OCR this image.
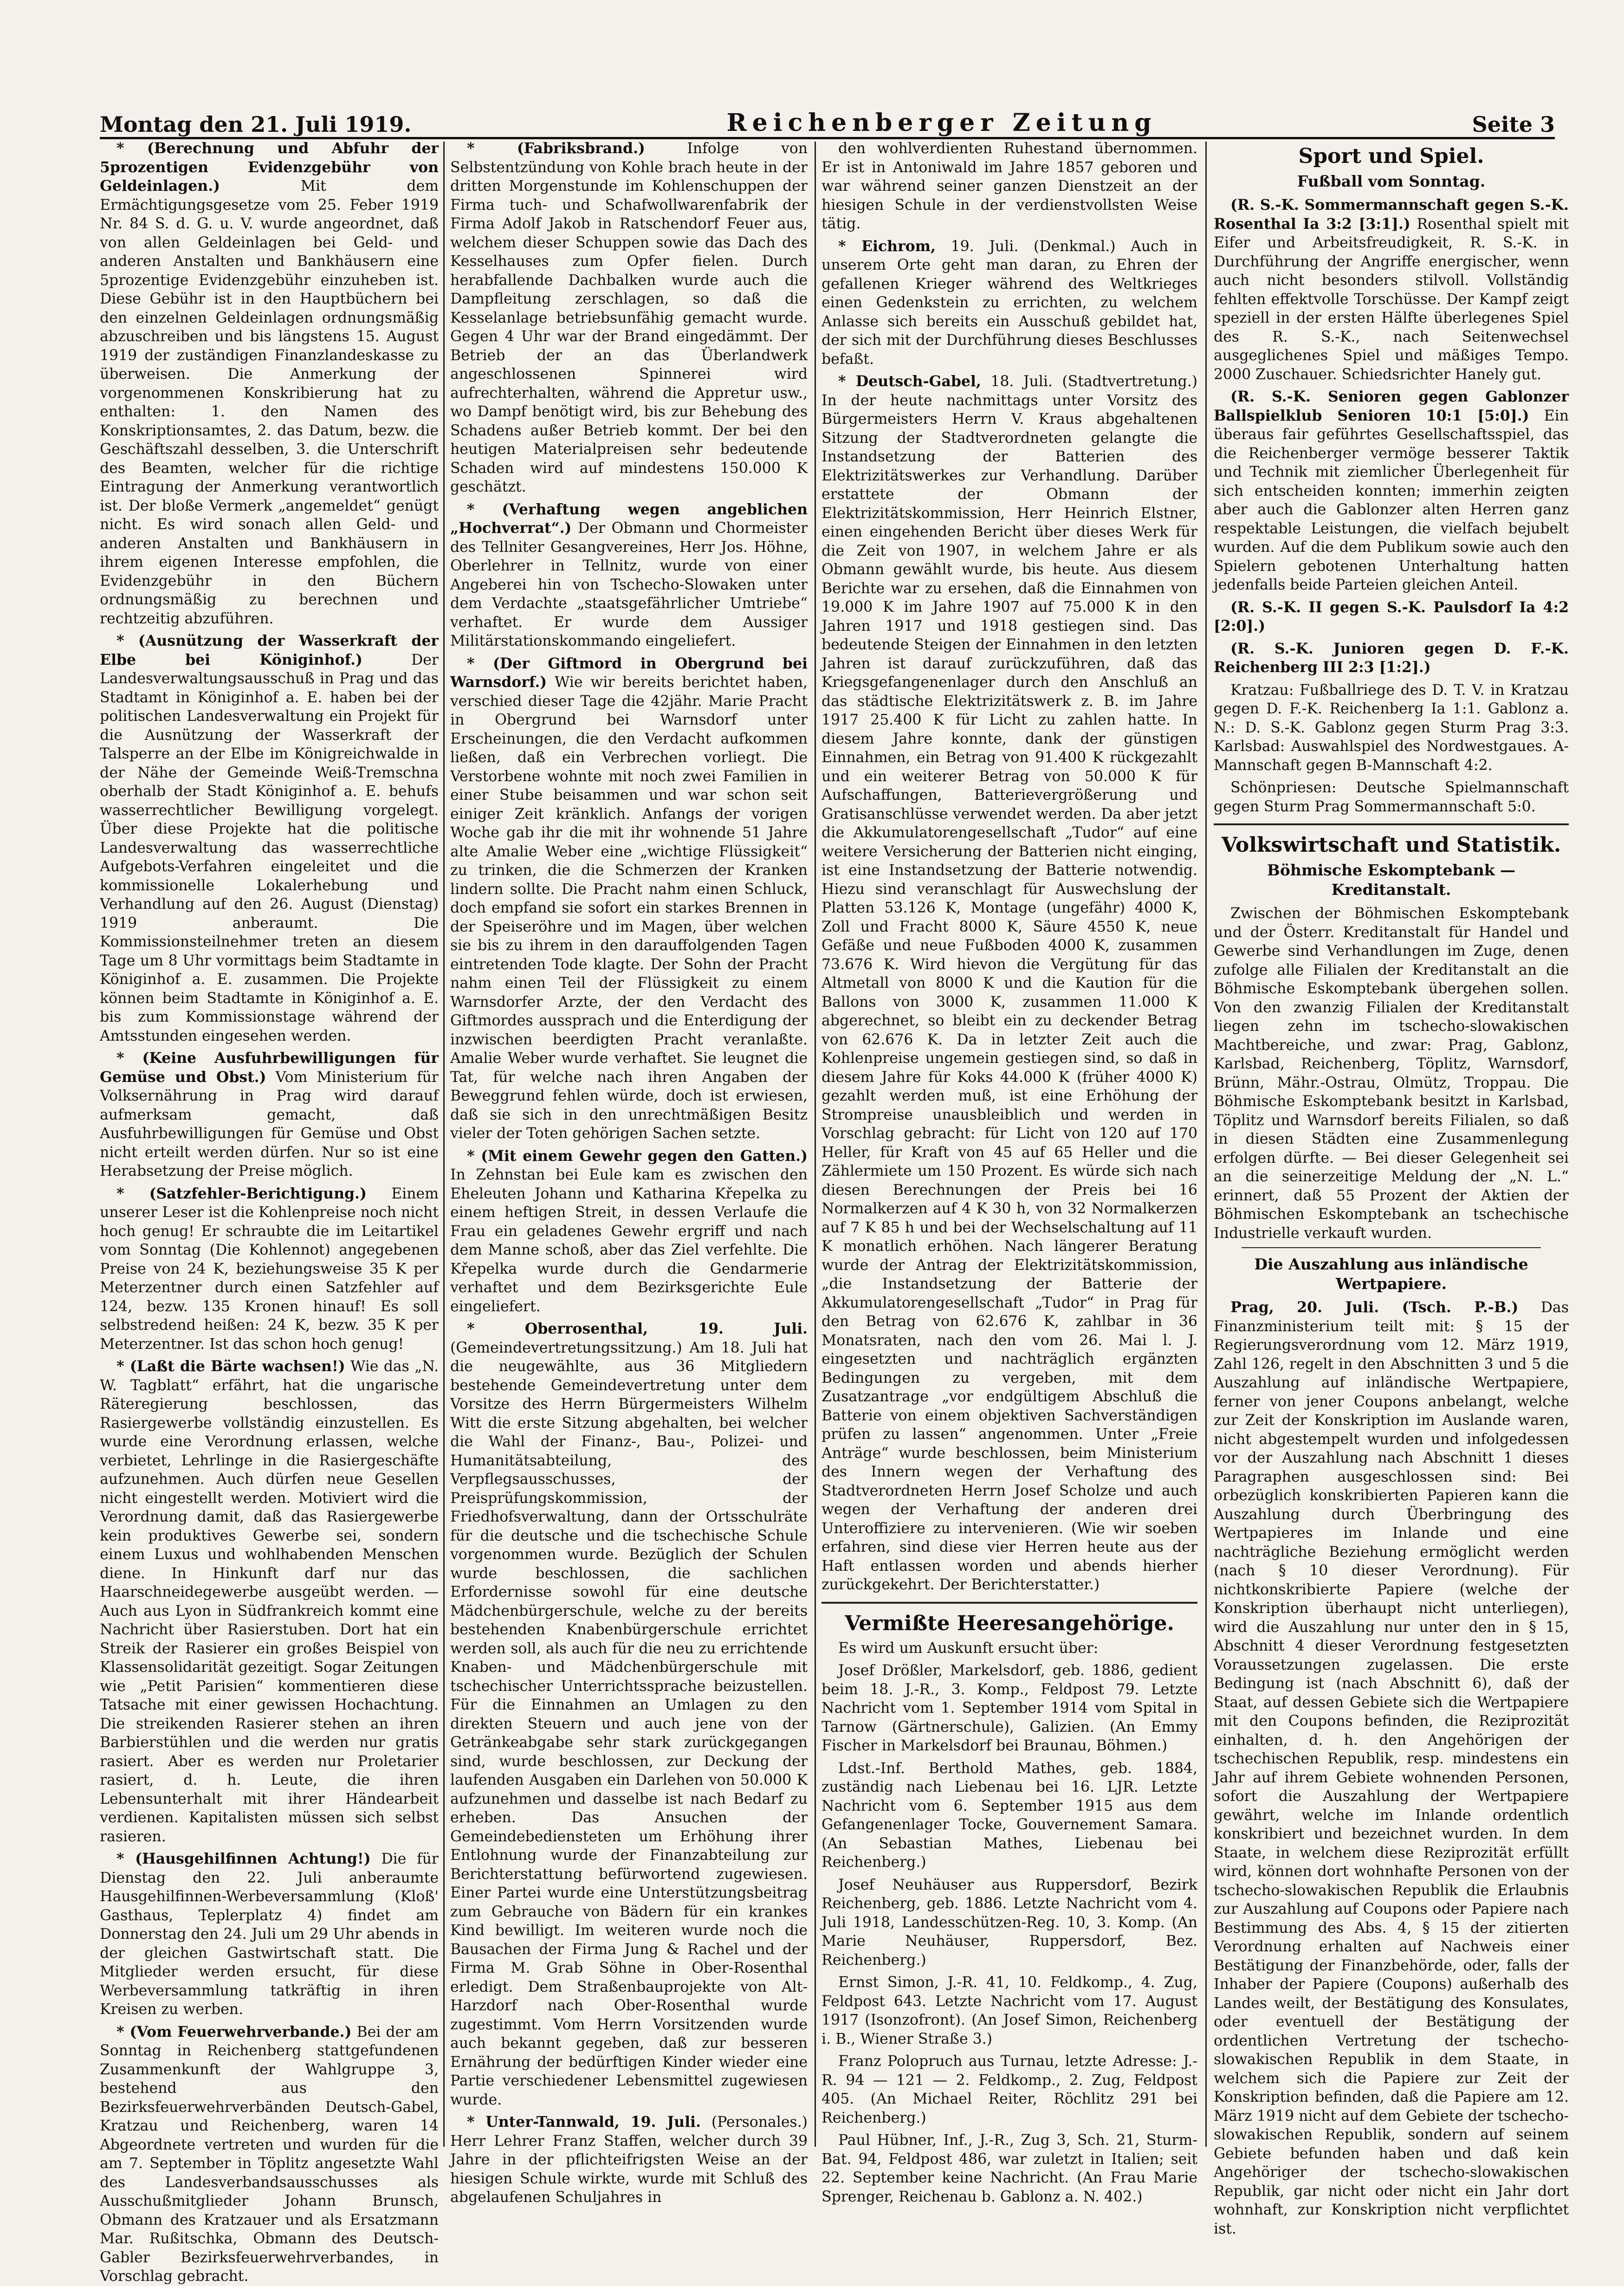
Montag den 21. Juli 1919.	Reichenberger Zeitung	Seite 3

* (Berechnung und Abfuhr der 5prozentigen Evidenzgebühr von Geldeinlagen.)	Mit dem Ermächtigungsgesetze vom 25. Feber 1919 Nr. 84 S. d. G. u. V. wurde angeordnet, daß von allen Geldeinlagen bei Geld- und anderen Anstalten und Bankhäusern eine 5prozentige Evidenzgebühr einzuheben ist. Diese Gebühr ist in den Hauptbüchern bei den einzelnen Geldeinlagen ordnungsmäßig abzuschreiben und bis längstens 15. August 1919 der zuständigen Finanzlandeskasse zu überweisen. Die Anmerkung der vorgenommenen Konskribierung hat zu enthalten: 1. den Namen des Konskriptionsamtes, 2. das Datum, bezw. die Geschäftszahl desselben, 3. die Unterschrift des Beamten, welcher für die richtige Eintragung der Anmerkung verantwortlich ist. Der bloße Vermerk „angemeldet“ genügt nicht. Es wird sonach allen Geld- und anderen Anstalten und Bankhäusern in ihrem eigenen Interesse empfohlen, die Evidenzgebühr in den Büchern ordnungsmäßig zu berechnen und rechtzeitig abzuführen.

* (Ausnützung der Wasserkraft der Elbe bei Königinhof.)	Der Landesverwaltungsausschuß in Prag und das Stadtamt in Königinhof a. E. haben bei der politischen Landesverwaltung ein Projekt für die Ausnützung der Wasserkraft der Talsperre an der Elbe im Königreichwalde in der Nähe der Gemeinde Weiß-Tremschna oberhalb der Stadt Königinhof a. E. behufs wasserrechtlicher Bewilligung vorgelegt. Über diese Projekte hat die politische Landesverwaltung das wasserrechtliche Aufgebots-Verfahren eingeleitet und die kommissionelle Lokalerhebung und Verhandlung auf den 26. August (Dienstag) 1919 anberaumt. Die Kommissionsteilnehmer treten an diesem Tage um 8 Uhr vormittags beim Stadtamte in Königinhof a. E. zusammen. Die Projekte können beim Stadtamte in Königinhof a. E. bis zum Kommissionstage während der Amtsstunden eingesehen werden.

* (Keine Ausfuhrbewilligungen für Gemüse und Obst.) Vom Ministerium für Volksernährung in Prag wird darauf aufmerksam gemacht, daß Ausfuhrbewilligungen für Gemüse und Obst nicht erteilt werden dürfen. Nur so ist eine Herabsetzung der Preise möglich.

* (Satzfehler-Berichtigung.) Einem unserer Leser ist die Kohlenpreise noch nicht hoch genug! Er schraubte die im Leitartikel vom Sonntag (Die Kohlennot) angegebenen Preise von 24 K, beziehungsweise 35 K per Meterzentner durch einen Satzfehler auf 124, bezw. 135 Kronen hinauf! Es soll selbstredend heißen: 24 K, bezw. 35 K per Meterzentner. Ist das schon hoch genug!

* (Laßt die Bärte wachsen!) Wie das „N. W. Tagblatt“ erfährt, hat die ungarische Räteregierung beschlossen, das Rasiergewerbe vollständig einzustellen. Es wurde eine Verordnung erlassen, welche verbietet, Lehrlinge in die Rasiergeschäfte aufzunehmen. Auch dürfen neue Gesellen nicht eingestellt werden. Motiviert wird die Verordnung damit, daß das Rasiergewerbe kein produktives Gewerbe sei, sondern einem Luxus und wohlhabenden Menschen diene. In Hinkunft darf nur das Haarschneidegewerbe ausgeübt werden. — Auch aus Lyon in Südfrankreich kommt eine Nachricht über Rasierstuben. Dort hat ein Streik der Rasierer ein großes Beispiel von Klassensolidarität gezeitigt. Sogar Zeitungen wie „Petit Parisien“ kommentieren diese Tatsache mit einer gewissen Hochachtung. Die streikenden Rasierer stehen an ihren Barbierstühlen und die werden nur gratis rasiert. Aber es werden nur Proletarier rasiert, d. h. Leute, die ihren Lebensunterhalt mit ihrer Händearbeit verdienen. Kapitalisten müssen sich selbst rasieren.

* (Hausgehilfinnen Achtung!) Die für Dienstag den 22. Juli anberaumte Hausgehilfinnen-Werbeversammlung (Kloß' Gasthaus, Teplerplatz 4) findet am Donnerstag den 24. Juli um 29 Uhr abends in der gleichen Gastwirtschaft statt. Die Mitglieder werden ersucht, für diese Werbeversammlung tatkräftig in ihren Kreisen zu werben.

* (Vom Feuerwehrverbande.) Bei der am Sonntag in Reichenberg stattgefundenen Zusammenkunft der Wahlgruppe 3, bestehend aus den Bezirksfeuerwehrverbänden Deutsch-Gabel, Kratzau und Reichenberg, waren 14 Abgeordnete vertreten und wurden für die am 7. September in Töplitz angesetzte Wahl des Landesverbandsausschusses als Ausschußmitglieder Johann Brunsch, Obmann des Kratzauer und als Ersatzmann Mar. Rußitschka, Obmann des Deutsch-Gabler Bezirksfeuerwehrverbandes, in Vorschlag gebracht.

* (Fabriksbrand.)	Infolge von Selbstentzündung von Kohle brach heute in der dritten Morgenstunde im Kohlenschuppen der Firma tuch- und Schafwollwarenfabrik der Firma Adolf Jakob in Ratschendorf Feuer aus, welchem dieser Schuppen sowie das Dach des Kesselhauses zum Opfer fielen. Durch herabfallende Dachbalken wurde auch die Dampfleitung zerschlagen, so daß die Kesselanlage betriebsunfähig gemacht wurde. Gegen 4 Uhr war der Brand eingedämmt. Der Betrieb der an das Überlandwerk angeschlossenen Spinnerei wird aufrechterhalten, während die Appretur usw., wo Dampf benötigt wird, bis zur Behebung des Schadens außer Betrieb kommt. Der bei den heutigen Materialpreisen sehr bedeutende Schaden wird auf mindestens 150.000 K geschätzt.

* (Verhaftung wegen angeblichen „Hochverrat“.) Der Obmann und Chormeister des Tellniter Gesangvereines, Herr Jos. Höhne, Oberlehrer in Tellnitz, wurde von einer Angeberei hin von Tschecho-Slowaken unter dem Verdachte „staatsgefährlicher Umtriebe“ verhaftet. Er wurde dem Aussiger Militärstationskommando eingeliefert.

* (Der Giftmord in Obergrund bei Warnsdorf.) Wie wir bereits berichtet haben, verschied dieser Tage die 42jähr. Marie Pracht in Obergrund bei Warnsdorf unter Erscheinungen, die den Verdacht aufkommen ließen, daß ein Verbrechen vorliegt. Die Verstorbene wohnte mit noch zwei Familien in einer Stube beisammen und war schon seit einiger Zeit kränklich. Anfangs der vorigen Woche gab ihr die mit ihr wohnende 51 Jahre alte Amalie Weber eine „wichtige Flüssigkeit“ zu trinken, die die Schmerzen der Kranken lindern sollte. Die Pracht nahm einen Schluck, doch empfand sie sofort ein starkes Brennen in der Speiseröhre und im Magen, über welchen sie bis zu ihrem in den darauffolgenden Tagen eintretenden Tode klagte. Der Sohn der Pracht nahm einen Teil der Flüssigkeit zu einem Warnsdorfer Arzte, der den Verdacht des Giftmordes aussprach und die Enterdigung der inzwischen beerdigten Pracht veranlaßte. Amalie Weber wurde verhaftet. Sie leugnet die Tat, für welche nach ihren Angaben der Beweggrund fehlen würde, doch ist erwiesen, daß sie sich in den unrechtmäßigen Besitz vieler der Toten gehörigen Sachen setzte.

* (Mit einem Gewehr gegen den Gatten.) In Zehnstan bei Eule kam es zwischen den Eheleuten Johann und Katharina Křepelka zu einem heftigen Streit, in dessen Verlaufe die Frau ein geladenes Gewehr ergriff und nach dem Manne schoß, aber das Ziel verfehlte. Die Křepelka wurde durch die Gendarmerie verhaftet und dem Bezirksgerichte Eule eingeliefert.

* Oberrosenthal, 19. Juli. (Gemeindevertretungssitzung.) Am 18. Juli hat die neugewählte, aus 36 Mitgliedern bestehende Gemeindevertretung unter dem Vorsitze des Herrn Bürgermeisters Wilhelm Witt die erste Sitzung abgehalten, bei welcher die Wahl der Finanz-, Bau-, Polizei- und Humanitätsabteilung, des Verpflegsausschusses, der Preisprüfungskommission, der Friedhofsverwaltung, dann der Ortsschulräte für die deutsche und die tschechische Schule vorgenommen wurde. Bezüglich der Schulen wurde beschlossen, die sachlichen Erfordernisse sowohl für eine deutsche Mädchenbürgerschule, welche zu der bereits bestehenden Knabenbürgerschule errichtet werden soll, als auch für die neu zu errichtende Knaben- und Mädchenbürgerschule mit tschechischer Unterrichtssprache beizustellen. Für die Einnahmen an Umlagen zu den direkten Steuern und auch jene von der Getränkeabgabe sehr stark zurückgegangen sind, wurde beschlossen, zur Deckung der laufenden Ausgaben ein Darlehen von 50.000 K aufzunehmen und dasselbe ist nach Bedarf zu erheben. Das Ansuchen der Gemeindebediensteten um Erhöhung ihrer Entlohnung wurde der Finanzabteilung zur Berichterstattung befürwortend zugewiesen. Einer Partei wurde eine Unterstützungsbeitrag zum Gebrauche von Bädern für ein krankes Kind bewilligt. Im weiteren wurde noch die Bausachen der Firma Jung & Rachel und der Firma M. Grab Söhne in Ober-Rosenthal erledigt. Dem Straßenbauprojekte von Alt-Harzdorf nach Ober-Rosenthal wurde zugestimmt. Vom Herrn Vorsitzenden wurde auch bekannt gegeben, daß zur besseren Ernährung der bedürftigen Kinder wieder eine Partie verschiedener Lebensmittel zugewiesen wurde.

* Unter-Tannwald, 19. Juli. (Personales.) Herr Lehrer Franz Staffen, welcher durch 39 Jahre in der pflichteifrigsten Weise an der hiesigen Schule wirkte, wurde mit Schluß des abgelaufenen Schuljahres in

den wohlverdienten Ruhestand übernommen. Er ist in Antoniwald im Jahre 1857 geboren und war während seiner ganzen Dienstzeit an der hiesigen Schule in der verdienstvollsten Weise tätig.

* Eichrom, 19. Juli. (Denkmal.) Auch in unserem Orte geht man daran, zu Ehren der gefallenen Krieger während des Weltkrieges einen Gedenkstein zu errichten, zu welchem Anlasse sich bereits ein Ausschuß gebildet hat, der sich mit der Durchführung dieses Beschlusses befaßt.

* Deutsch-Gabel, 18. Juli. (Stadtvertretung.) In der heute nachmittags unter Vorsitz des Bürgermeisters Herrn V. Kraus abgehaltenen Sitzung der Stadtverordneten gelangte die Instandsetzung der Batterien des Elektrizitätswerkes zur Verhandlung. Darüber erstattete der Obmann der Elektrizitätskommission, Herr Heinrich Elstner, einen eingehenden Bericht über dieses Werk für die Zeit von 1907, in welchem Jahre er als Obmann gewählt wurde, bis heute. Aus diesem Berichte war zu ersehen, daß die Einnahmen von 19.000 K im Jahre 1907 auf 75.000 K in den Jahren 1917 und 1918 gestiegen sind. Das bedeutende Steigen der Einnahmen in den letzten Jahren ist darauf zurückzuführen, daß das Kriegsgefangenenlager durch den Anschluß an das städtische Elektrizitätswerk z. B. im Jahre 1917 25.400 K für Licht zu zahlen hatte. In diesem Jahre konnte, dank der günstigen Einnahmen, ein Betrag von 91.400 K rückgezahlt und ein weiterer Betrag von 50.000 K für Aufschaffungen, Batterievergrößerung und Gratisanschlüsse verwendet werden. Da aber jetzt die Akkumulatorengesellschaft „Tudor“ auf eine weitere Versicherung der Batterien nicht einging, ist eine Instandsetzung der Batterie notwendig. Hiezu sind veranschlagt für Auswechslung der Platten 53.126 K, Montage (ungefähr) 4000 K, Zoll und Fracht 8000 K, Säure 4550 K, neue Gefäße und neue Fußboden 4000 K, zusammen 73.676 K. Wird hievon die Vergütung für das Altmetall von 8000 K und die Kaution für die Ballons von 3000 K, zusammen 11.000 K abgerechnet, so bleibt ein zu deckender Betrag von 62.676 K. Da in letzter Zeit auch die Kohlenpreise ungemein gestiegen sind, so daß in diesem Jahre für Koks 44.000 K (früher 4000 K) gezahlt werden muß, ist eine Erhöhung der Strompreise unausbleiblich und werden in Vorschlag gebracht: für Licht von 120 auf 170 Heller, für Kraft von 45 auf 65 Heller und die Zählermiete um 150 Prozent. Es würde sich nach diesen Berechnungen der Preis bei 16 Normalkerzen auf 4 K 30 h, von 32 Normalkerzen auf 7 K 85 h und bei der Wechselschaltung auf 11 K monatlich erhöhen. Nach längerer Beratung wurde der Antrag der Elektrizitätskommission, „die Instandsetzung der Batterie der Akkumulatorengesellschaft „Tudor“ in Prag für den Betrag von 62.676 K, zahlbar in 36 Monatsraten, nach den vom 26. Mai l. J. eingesetzten und nachträglich ergänzten Bedingungen zu vergeben, mit dem Zusatzantrage „vor endgültigem Abschluß die Batterie von einem objektiven Sachverständigen prüfen zu lassen“ angenommen. Unter „Freie Anträge“ wurde beschlossen, beim Ministerium des Innern wegen der Verhaftung des Stadtverordneten Herrn Josef Scholze und auch wegen der Verhaftung der anderen drei Unteroffiziere zu intervenieren. (Wie wir soeben erfahren, sind diese vier Herren heute aus der Haft entlassen worden und abends hierher zurückgekehrt. Der Berichterstatter.)

Vermißte Heeresangehörige.

Es wird um Auskunft ersucht über:

Josef Drößler, Markelsdorf, geb. 1886, gedient beim 18. J.-R., 3. Komp., Feldpost 79. Letzte Nachricht vom 1. September 1914 vom Spital in Tarnow (Gärtnerschule), Galizien. (An Emmy Fischer in Markelsdorf bei Braunau, Böhmen.)

Ldst.-Inf. Berthold Mathes, geb. 1884, zuständig nach Liebenau bei 16. LJR. Letzte Nachricht vom 6. September 1915 aus dem Gefangenenlager Tocke, Gouvernement Samara. (An Sebastian Mathes, Liebenau bei Reichenberg.)

Josef Neuhäuser aus Ruppersdorf, Bezirk Reichenberg, geb. 1886. Letzte Nachricht vom 4. Juli 1918, Landesschützen-Reg. 10, 3. Komp. (An Marie Neuhäuser, Ruppersdorf, Bez. Reichenberg.)

Ernst Simon, J.-R. 41, 10. Feldkomp., 4. Zug, Feldpost 643. Letzte Nachricht vom 17. August 1917 (Isonzofront). (An Josef Simon, Reichenberg i. B., Wiener Straße 3.)

Franz Polopruch aus Turnau, letzte Adresse: J.-R. 94 — 121 — 2. Feldkomp., 2. Zug, Feldpost 405. (An Michael Reiter, Röchlitz 291 bei Reichenberg.)

Paul Hübner, Inf., J.-R., Zug 3, Sch. 21, Sturm-Bat. 94, Feldpost 486, war zuletzt in Italien; seit 22. September keine Nachricht. (An Frau Marie Sprenger, Reichenau b. Gablonz a. N. 402.)

Sport und Spiel.
Fußball vom Sonntag.

(R. S.-K. Sommermannschaft gegen S.-K. Rosenthal Ia 3:2 [3:1].) Rosenthal spielt mit Eifer und Arbeitsfreudigkeit, R. S.-K. in Durchführung der Angriffe energischer, wenn auch nicht besonders stilvoll. Vollständig fehlten effektvolle Torschüsse. Der Kampf zeigt speziell in der ersten Hälfte überlegenes Spiel des R. S.-K., nach Seitenwechsel ausgeglichenes Spiel und mäßiges Tempo. 2000 Zuschauer. Schiedsrichter Hanely gut.

(R. S.-K. Senioren gegen Gablonzer Ballspielklub Senioren 10:1 [5:0].) Ein überaus fair geführtes Gesellschaftsspiel, das die Reichenberger vermöge besserer Taktik und Technik mit ziemlicher Überlegenheit für sich entscheiden konnten; immerhin zeigten aber auch die Gablonzer alten Herren ganz respektable Leistungen, die vielfach bejubelt wurden. Auf die dem Publikum sowie auch den Spielern gebotenen Unterhaltung hatten jedenfalls beide Parteien gleichen Anteil.

(R. S.-K. II gegen S.-K. Paulsdorf Ia 4:2 [2:0].)

(R. S.-K. Junioren gegen D. F.-K. Reichenberg III 2:3 [1:2].)

Kratzau: Fußballriege des D. T. V. in Kratzau gegen D. F.-K. Reichenberg Ia 1:1. Gablonz a. N.: D. S.-K. Gablonz gegen Sturm Prag 3:3. Karlsbad: Auswahlspiel des Nordwestgaues. A-Mannschaft gegen B-Mannschaft 4:2.

Schönpriesen: Deutsche Spielmannschaft gegen Sturm Prag Sommermannschaft 5:0.

Volkswirtschaft und Statistik.
Böhmische Eskomptebank — Kreditanstalt.

Zwischen der Böhmischen Eskomptebank und der Österr. Kreditanstalt für Handel und Gewerbe sind Verhandlungen im Zuge, denen zufolge alle Filialen der Kreditanstalt an die Böhmische Eskomptebank übergehen sollen. Von den zwanzig Filialen der Kreditanstalt liegen zehn im tschecho-slowakischen Machtbereiche, und zwar: Prag, Gablonz, Karlsbad, Reichenberg, Töplitz, Warnsdorf, Brünn, Mähr.-Ostrau, Olmütz, Troppau. Die Böhmische Eskomptebank besitzt in Karlsbad, Töplitz und Warnsdorf bereits Filialen, so daß in diesen Städten eine Zusammenlegung erfolgen dürfte. — Bei dieser Gelegenheit sei an die seinerzeitige Meldung der „N. L.“ erinnert, daß 55 Prozent der Aktien der Böhmischen Eskomptebank an tschechische Industrielle verkauft wurden.

Die Auszahlung aus inländische Wertpapiere.

Prag, 20. Juli. (Tsch. P.-B.) Das Finanzministerium teilt mit: § 15 der Regierungsverordnung vom 12. März 1919, Zahl 126, regelt in den Abschnitten 3 und 5 die Auszahlung auf inländische Wertpapiere, ferner von jener Coupons anbelangt, welche zur Zeit der Konskription im Auslande waren, nicht abgestempelt wurden und infolgedessen vor der Auszahlung nach Abschnitt 1 dieses Paragraphen ausgeschlossen sind: Bei orbezüglich konskribierten Papieren kann die Auszahlung durch Überbringung des Wertpapieres im Inlande und eine nachträgliche Beziehung ermöglicht werden (nach § 10 dieser Verordnung). Für nichtkonskribierte Papiere (welche der Konskription überhaupt nicht unterliegen), wird die Auszahlung nur unter den in § 15, Abschnitt 4 dieser Verordnung festgesetzten Voraussetzungen zugelassen. Die erste Bedingung ist (nach Abschnitt 6), daß der Staat, auf dessen Gebiete sich die Wertpapiere mit den Coupons befinden, die Reziprozität einhalten, d. h. den Angehörigen der tschechischen Republik, resp. mindestens ein Jahr auf ihrem Gebiete wohnenden Personen, sofort die Auszahlung der Wertpapiere gewährt, welche im Inlande ordentlich konskribiert und bezeichnet wurden. In dem Staate, in welchem diese Reziprozität erfüllt wird, können dort wohnhafte Personen von der tschecho-slowakischen Republik die Erlaubnis zur Auszahlung auf Coupons oder Papiere nach Bestimmung des Abs. 4, § 15 der zitierten Verordnung erhalten auf Nachweis einer Bestätigung der Finanzbehörde, oder, falls der Inhaber der Papiere (Coupons) außerhalb des Landes weilt, der Bestätigung des Konsulates, oder eventuell der Bestätigung der ordentlichen Vertretung der tschecho-slowakischen Republik in dem Staate, in welchem sich die Papiere zur Zeit der Konskription befinden, daß die Papiere am 12. März 1919 nicht auf dem Gebiete der tschecho-slowakischen Republik, sondern auf seinem Gebiete befunden haben und daß kein Angehöriger der tschecho-slowakischen Republik, gar nicht oder nicht ein Jahr dort wohnhaft, zur Konskription nicht verpflichtet ist.
